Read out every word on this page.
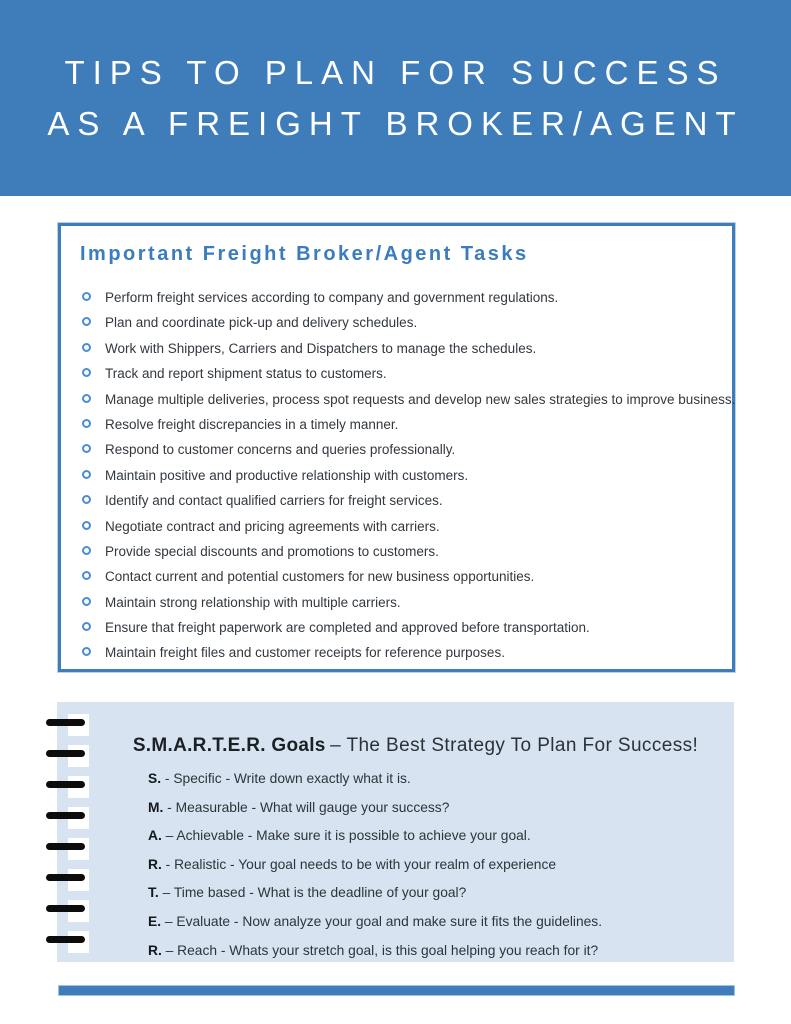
TIPS TO PLAN FOR SUCCESS
AS A FREIGHT BROKER/AGENT
Important Freight Broker/Agent Tasks
Perform freight services according to company and government regulations.
Plan and coordinate pick-up and delivery schedules.
Work with Shippers, Carriers and Dispatchers to manage the schedules.
Track and report shipment status to customers.
Manage multiple deliveries, process spot requests and develop new sales strategies to improve business.
Resolve freight discrepancies in a timely manner.
Respond to customer concerns and queries professionally.
Maintain positive and productive relationship with customers.
Identify and contact qualified carriers for freight services.
Negotiate contract and pricing agreements with carriers.
Provide special discounts and promotions to customers.
Contact current and potential customers for new business opportunities.
Maintain strong relationship with multiple carriers.
Ensure that freight paperwork are completed and approved before transportation.
Maintain freight files and customer receipts for reference purposes.
S.M.A.R.T.E.R. Goals – The Best Strategy To Plan For Success!
S. - Specific - Write down exactly what it is.
M. - Measurable - What will gauge your success?
A. – Achievable - Make sure it is possible to achieve your goal.
R. - Realistic - Your goal needs to be with your realm of experience
T. – Time based - What is the deadline of your goal?
E. – Evaluate - Now analyze your goal and make sure it fits the guidelines.
R. – Reach - Whats your stretch goal, is this goal helping you reach for it?
